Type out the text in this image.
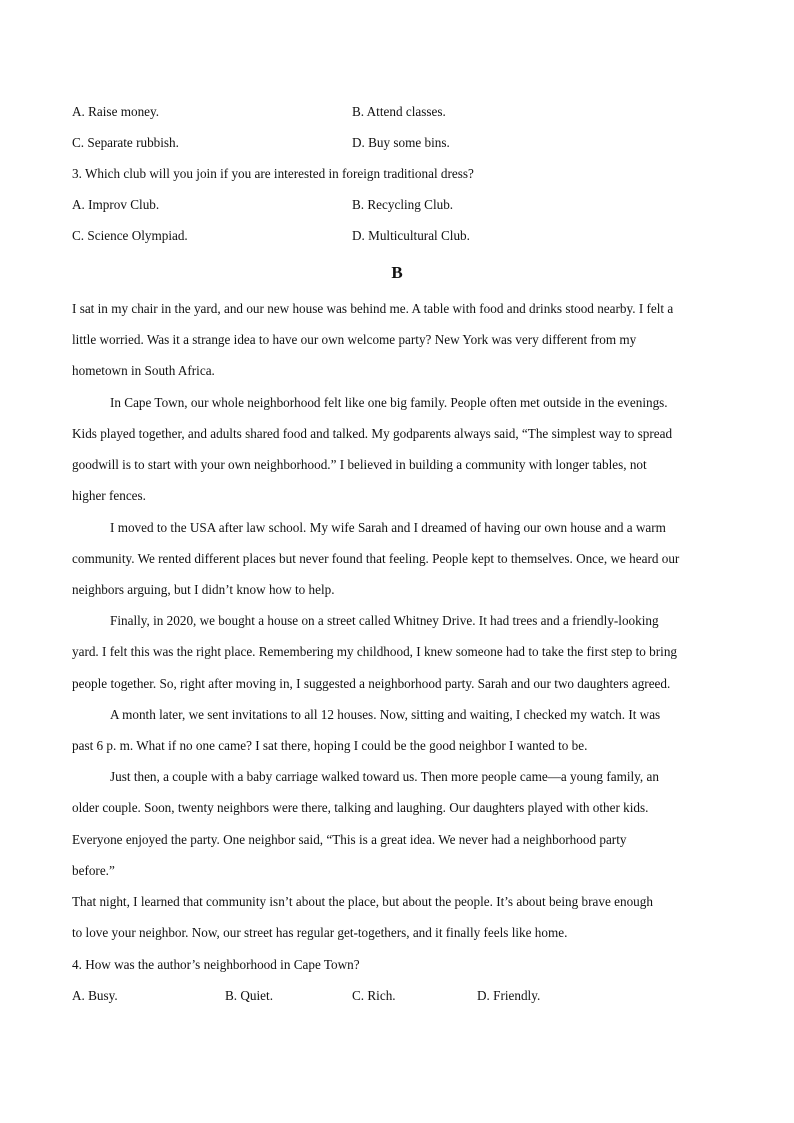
A. Raise money.	B. Attend classes.
C. Separate rubbish.	D. Buy some bins.
3. Which club will you join if you are interested in foreign traditional dress?
A. Improv Club.	B. Recycling Club.
C. Science Olympiad.	D. Multicultural Club.
B
I sat in my chair in the yard, and our new house was behind me. A table with food and drinks stood nearby. I felt a
little worried. Was it a strange idea to have our own welcome party? New York was very different from my
hometown in South Africa.
In Cape Town, our whole neighborhood felt like one big family. People often met outside in the evenings.
Kids played together, and adults shared food and talked. My godparents always said, “The simplest way to spread
goodwill is to start with your own neighborhood.” I believed in building a community with longer tables, not
higher fences.
I moved to the USA after law school. My wife Sarah and I dreamed of having our own house and a warm
community. We rented different places but never found that feeling. People kept to themselves. Once, we heard our
neighbors arguing, but I didn’t know how to help.
Finally, in 2020, we bought a house on a street called Whitney Drive. It had trees and a friendly-looking
yard. I felt this was the right place. Remembering my childhood, I knew someone had to take the first step to bring
people together. So, right after moving in, I suggested a neighborhood party. Sarah and our two daughters agreed.
A month later, we sent invitations to all 12 houses. Now, sitting and waiting, I checked my watch. It was
past 6 p. m. What if no one came? I sat there, hoping I could be the good neighbor I wanted to be.
Just then, a couple with a baby carriage walked toward us. Then more people came—a young family, an
older couple. Soon, twenty neighbors were there, talking and laughing. Our daughters played with other kids.
Everyone enjoyed the party. One neighbor said, “This is a great idea. We never had a neighborhood party
before.”
That night, I learned that community isn’t about the place, but about the people. It’s about being brave enough
to love your neighbor. Now, our street has regular get-togethers, and it finally feels like home.
4. How was the author’s neighborhood in Cape Town?
A. Busy.	B. Quiet.	C. Rich.	D. Friendly.
